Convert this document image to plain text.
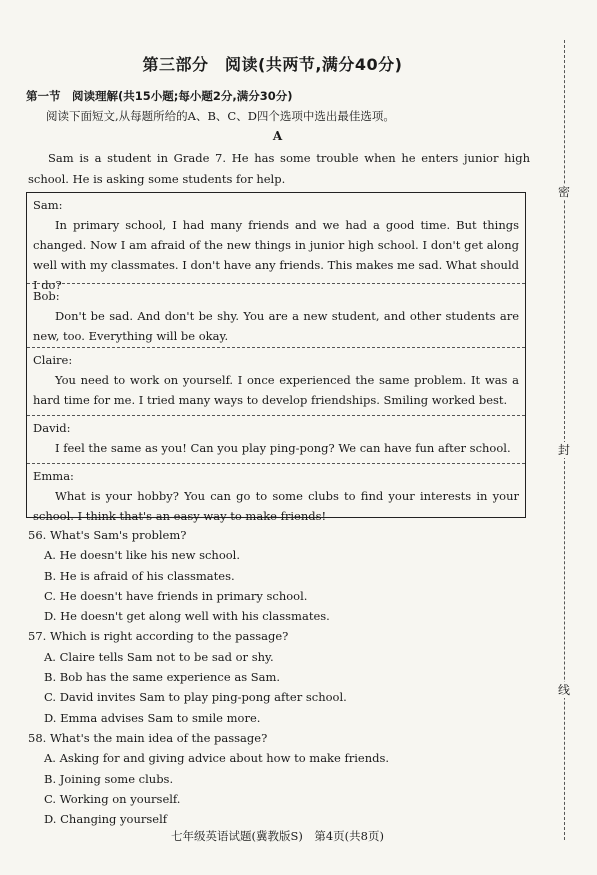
密
封
线
第三部分　阅读(共两节,满分40分)
第一节　阅读理解(共15小题;每小题2分,满分30分)
阅读下面短文,从每题所给的A、B、C、D四个选项中选出最佳选项。
A
Sam is a student in Grade 7. He has some trouble when he enters junior high school. He is asking some students for help.
Sam:
In primary school, I had many friends and we had a good time. But things changed. Now I am afraid of the new things in junior high school. I don't get along well with my classmates. I don't have any friends. This makes me sad. What should I do?
Bob:
Don't be sad. And don't be shy. You are a new student, and other students are new, too. Everything will be okay.
Claire:
You need to work on yourself. I once experienced the same problem. It was a hard time for me. I tried many ways to develop friendships. Smiling worked best.
David:
I feel the same as you! Can you play ping-pong? We can have fun after school.
Emma:
What is your hobby? You can go to some clubs to find your interests in your school. I think that's an easy way to make friends!
56. What's Sam's problem?
A. He doesn't like his new school.
B. He is afraid of his classmates.
C. He doesn't have friends in primary school.
D. He doesn't get along well with his classmates.
57. Which is right according to the passage?
A. Claire tells Sam not to be sad or shy.
B. Bob has the same experience as Sam.
C. David invites Sam to play ping-pong after school.
D. Emma advises Sam to smile more.
58. What's the main idea of the passage?
A. Asking for and giving advice about how to make friends.
B. Joining some clubs.
C. Working on yourself.
D. Changing yourself
七年级英语试题(冀教版S)　第4页(共8页)
